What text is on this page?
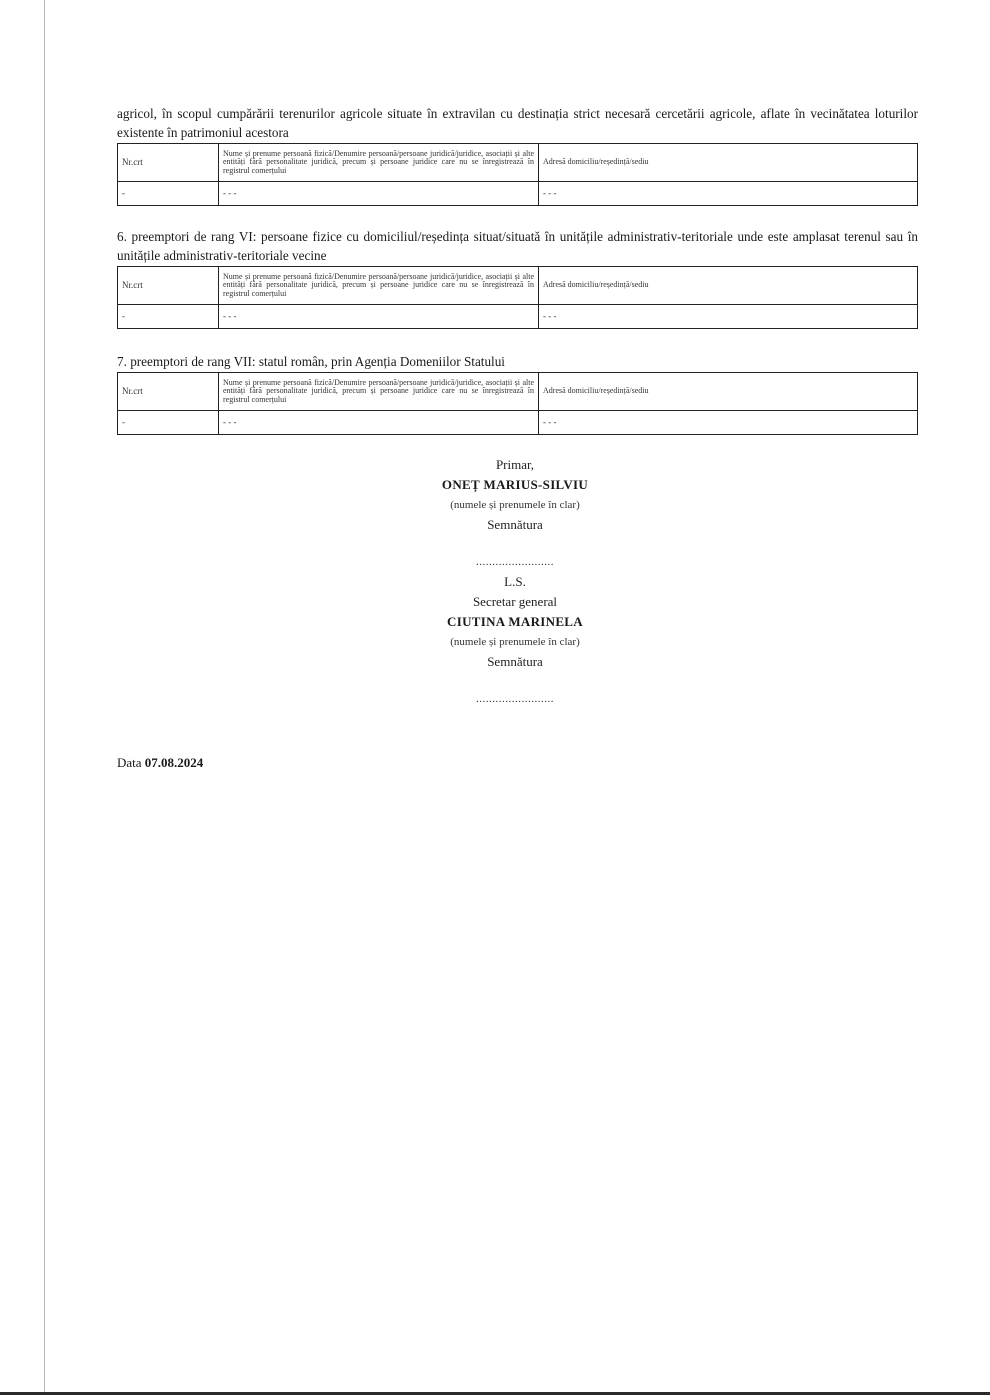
agricol, în scopul cumpărării terenurilor agricole situate în extravilan cu destinația strict necesară cercetării agricole, aflate în vecinătatea loturilor existente în patrimoniul acestora

Nr.crt	Nume și prenume persoană fizică/Denumire persoană/persoane juridică/juridice, asociații și alte entități fără personalitate juridică, precum și persoane juridice care nu se înregistrează în registrul comerțului	Adresă domiciliu/reședință/sediu
-	- - -	- - -

6. preemptori de rang VI: persoane fizice cu domiciliul/reședința situat/situată în unitățile administrativ-teritoriale unde este amplasat terenul sau în unitățile administrativ-teritoriale vecine

Nr.crt	Nume și prenume persoană fizică/Denumire persoană/persoane juridică/juridice, asociații și alte entități fără personalitate juridică, precum și persoane juridice care nu se înregistrează în registrul comerțului	Adresă domiciliu/reședință/sediu
-	- - -	- - -

7. preemptori de rang VII: statul român, prin Agenția Domeniilor Statului

Nr.crt	Nume și prenume persoană fizică/Denumire persoană/persoane juridică/juridice, asociații și alte entități fără personalitate juridică, precum și persoane juridice care nu se înregistrează în registrul comerțului	Adresă domiciliu/reședință/sediu
-	- - -	- - -
Primar,
ONEȚ MARIUS-SILVIU
(numele și prenumele în clar)
Semnătura
........................
L.S.
Secretar general
CIUTINA MARINELA
(numele și prenumele în clar)
Semnătura
........................
Data 07.08.2024
